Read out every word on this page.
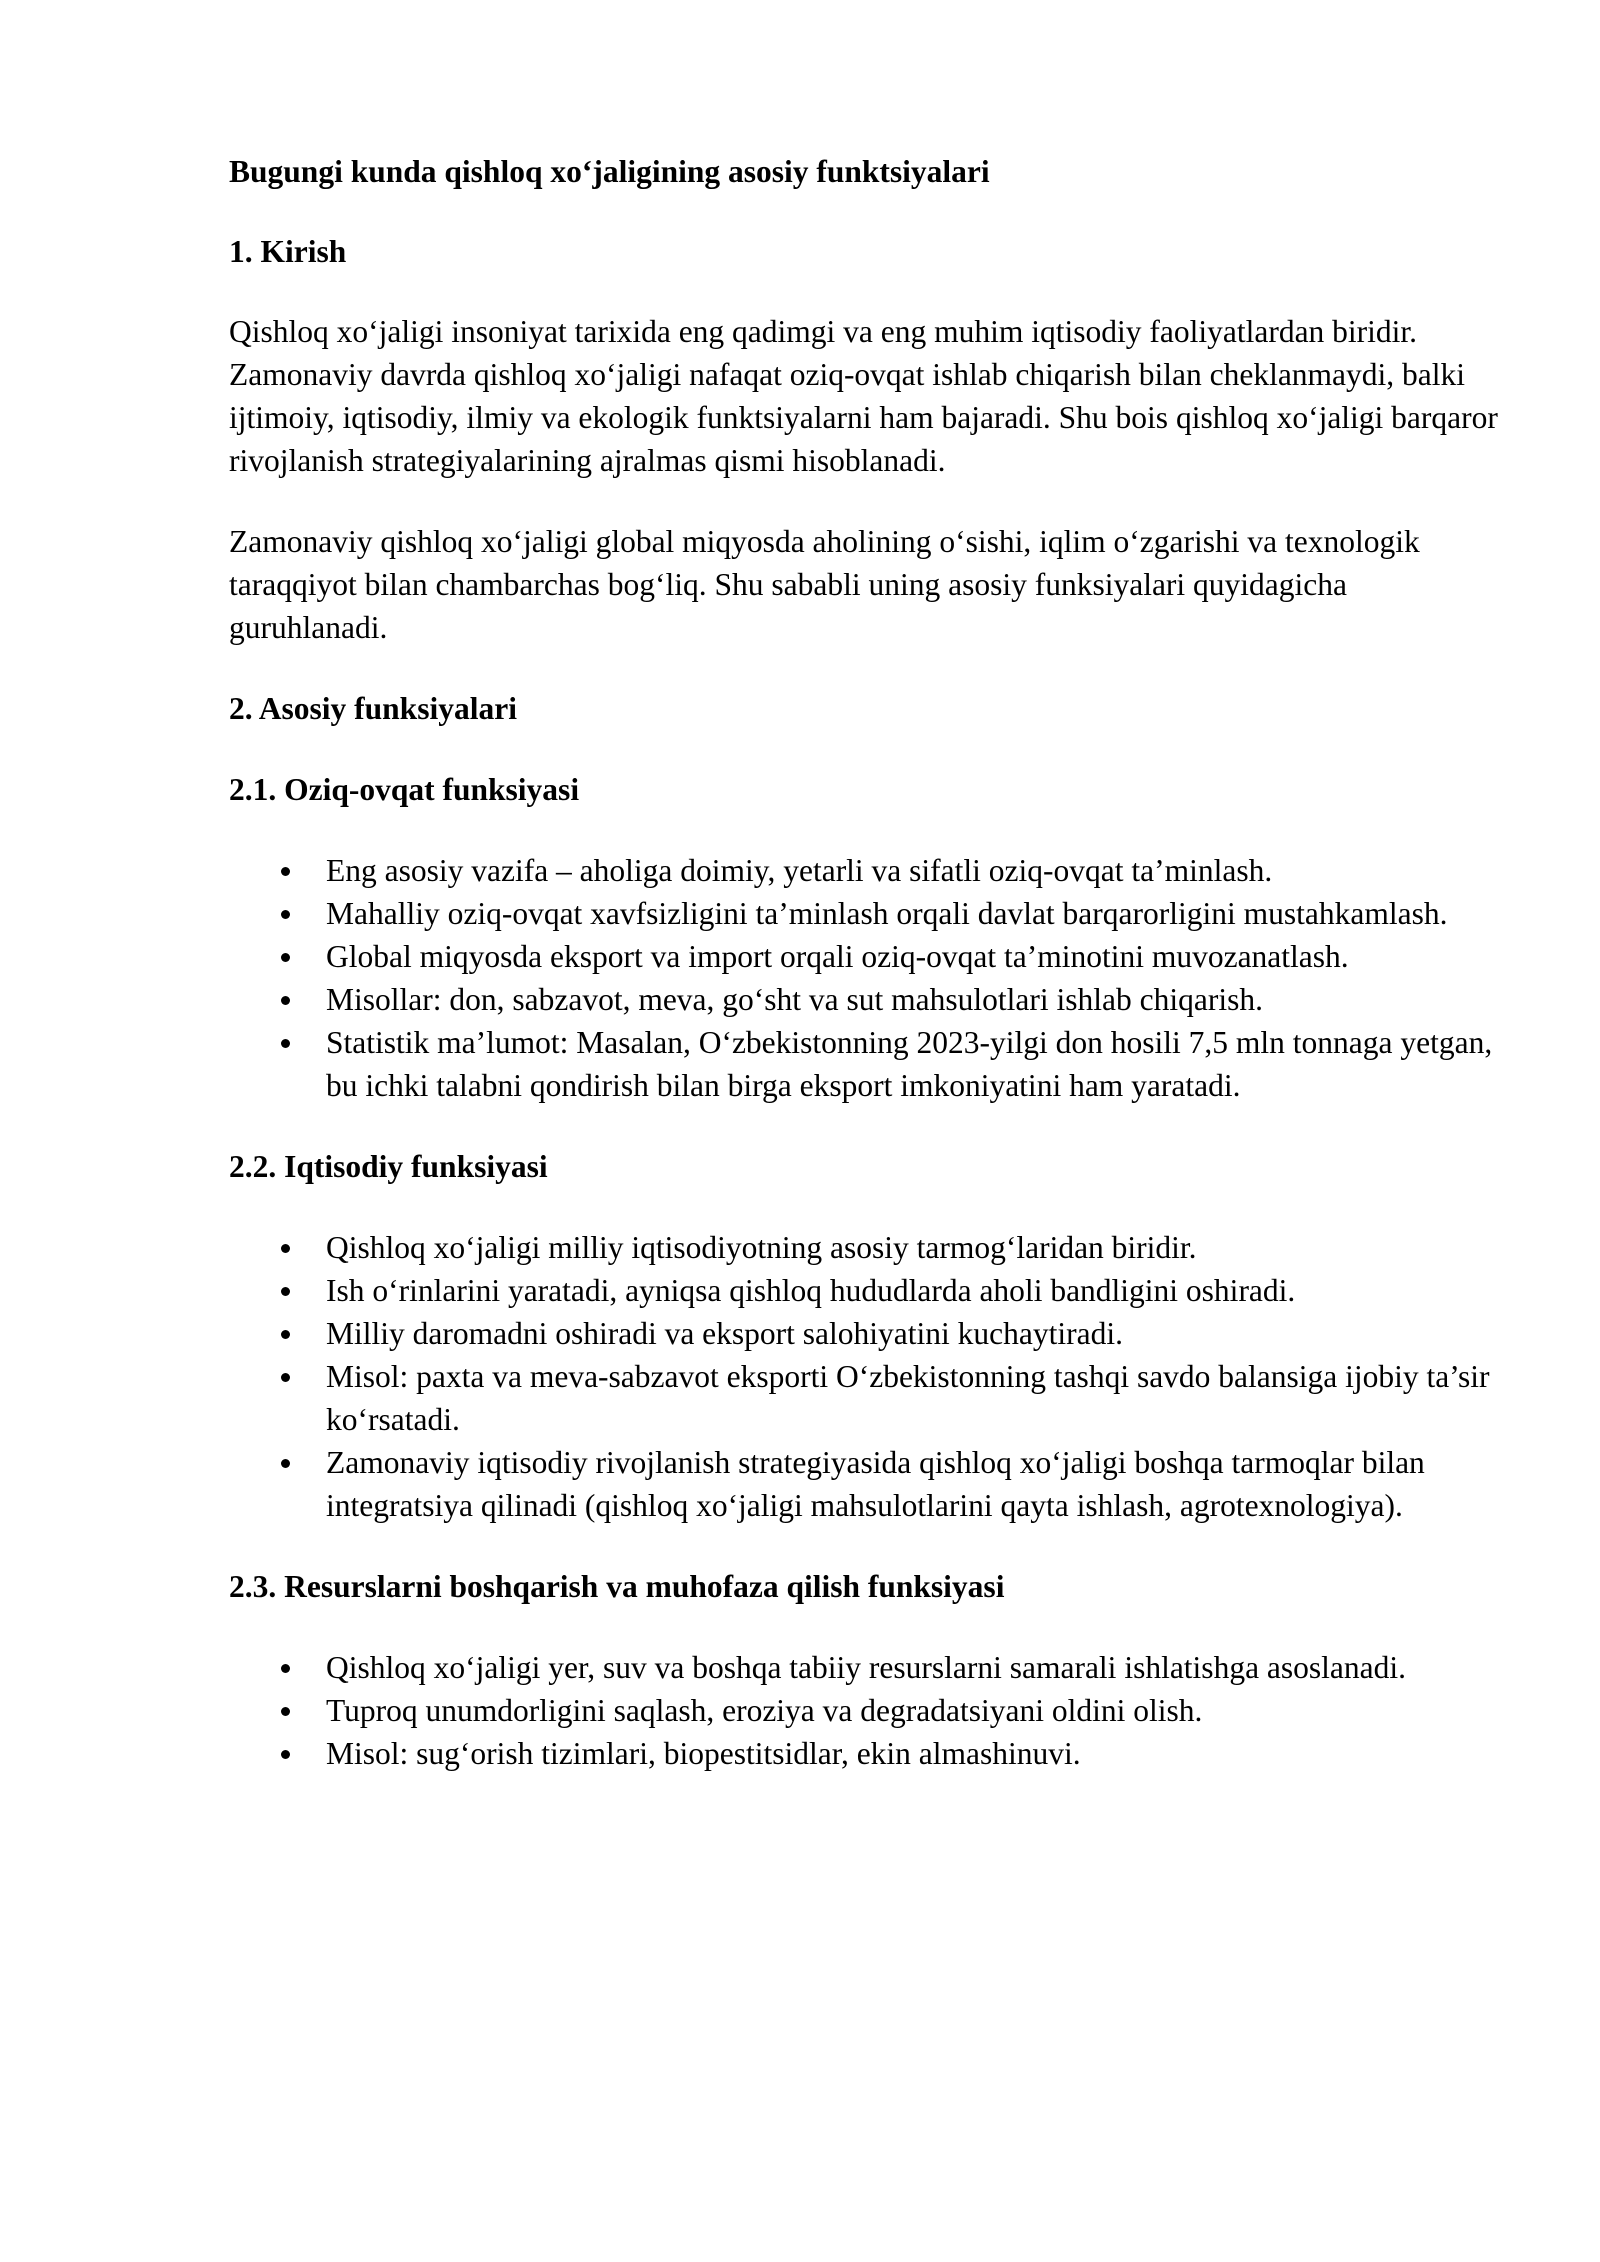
Bugungi kunda qishloq xo‘jaligining asosiy funktsiyalari
1. Kirish

Qishloq xo‘jaligi insoniyat tarixida eng qadimgi va eng muhim iqtisodiy faoliyatlardan biridir. Zamonaviy davrda qishloq xo‘jaligi nafaqat oziq-ovqat ishlab chiqarish bilan cheklanmaydi, balki ijtimoiy, iqtisodiy, ilmiy va ekologik funktsiyalarni ham bajaradi. Shu bois qishloq xo‘jaligi barqaror rivojlanish strategiyalarining ajralmas qismi hisoblanadi.

Zamonaviy qishloq xo‘jaligi global miqyosda aholining o‘sishi, iqlim o‘zgarishi va texnologik taraqqiyot bilan chambarchas bog‘liq. Shu sababli uning asosiy funksiyalari quyidagicha guruhlanadi.

2. Asosiy funksiyalari
2.1. Oziq-ovqat funksiyasi
Eng asosiy vazifa – aholiga doimiy, yetarli va sifatli oziq-ovqat ta’minlash.
Mahalliy oziq-ovqat xavfsizligini ta’minlash orqali davlat barqarorligini mustahkamlash.
Global miqyosda eksport va import orqali oziq-ovqat ta’minotini muvozanatlash.
Misollar: don, sabzavot, meva, go‘sht va sut mahsulotlari ishlab chiqarish.
Statistik ma’lumot: Masalan, O‘zbekistonning 2023-yilgi don hosili 7,5 mln tonnaga yetgan, bu ichki talabni qondirish bilan birga eksport imkoniyatini ham yaratadi.
2.2. Iqtisodiy funksiyasi
Qishloq xo‘jaligi milliy iqtisodiyotning asosiy tarmog‘laridan biridir.
Ish o‘rinlarini yaratadi, ayniqsa qishloq hududlarda aholi bandligini oshiradi.
Milliy daromadni oshiradi va eksport salohiyatini kuchaytiradi.
Misol: paxta va meva-sabzavot eksporti O‘zbekistonning tashqi savdo balansiga ijobiy ta’sir ko‘rsatadi.
Zamonaviy iqtisodiy rivojlanish strategiyasida qishloq xo‘jaligi boshqa tarmoqlar bilan integratsiya qilinadi (qishloq xo‘jaligi mahsulotlarini qayta ishlash, agrotexnologiya).
2.3. Resurslarni boshqarish va muhofaza qilish funksiyasi
Qishloq xo‘jaligi yer, suv va boshqa tabiiy resurslarni samarali ishlatishga asoslanadi.
Tuproq unumdorligini saqlash, eroziya va degradatsiyani oldini olish.
Misol: sug‘orish tizimlari, biopestitsidlar, ekin almashinuvi.
